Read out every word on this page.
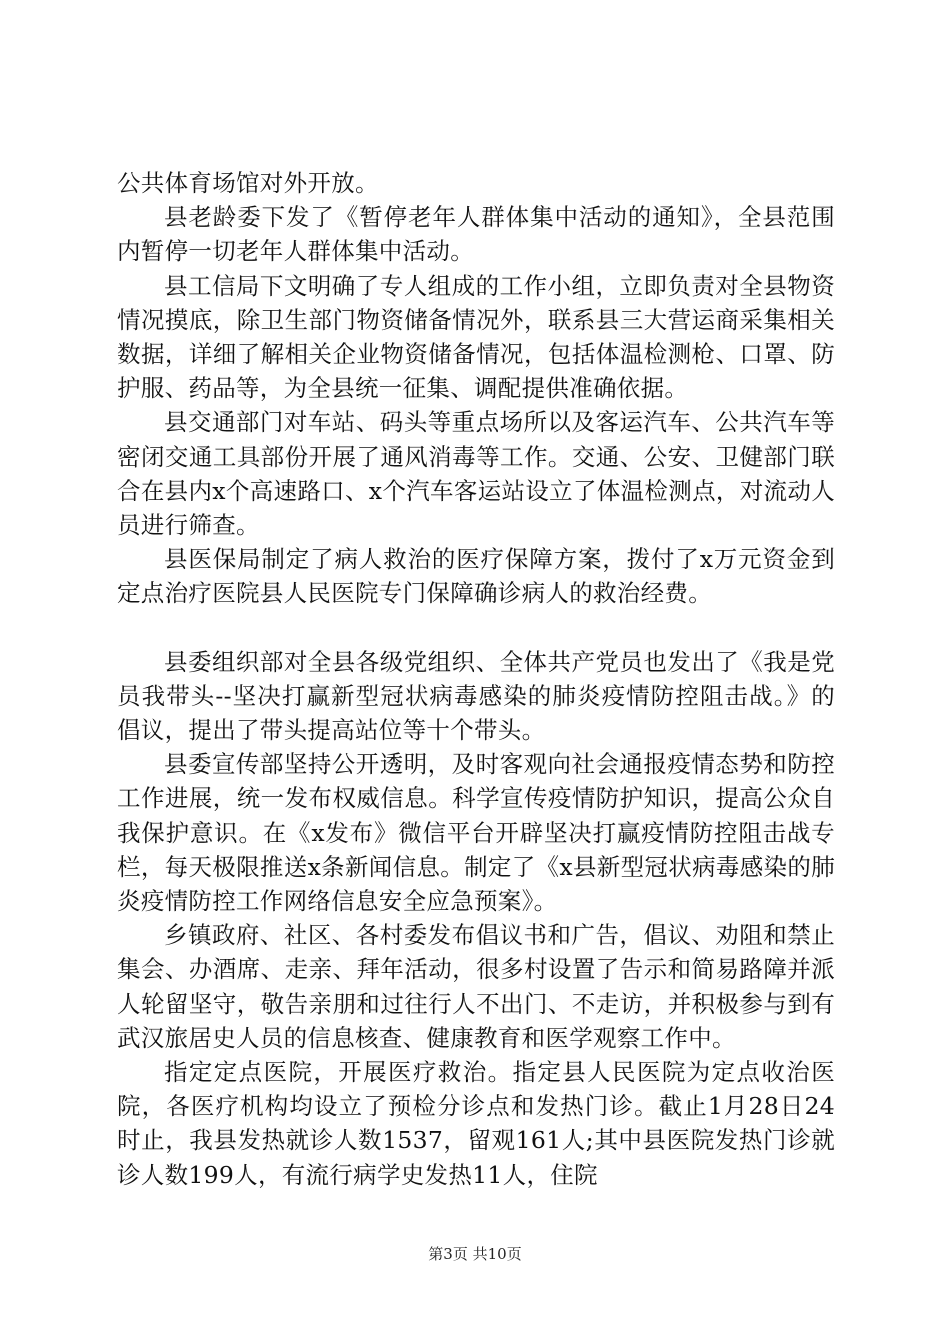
公共体育场馆对外开放。

县老龄委下发了《暂停老年人群体集中活动的通知》，全县范围内暂停一切老年人群体集中活动。

县工信局下文明确了专人组成的工作小组，立即负责对全县物资情况摸底，除卫生部门物资储备情况外，联系县三大营运商采集相关数据，详细了解相关企业物资储备情况，包括体温检测枪、口罩、防护服、药品等，为全县统一征集、调配提供准确依据。

县交通部门对车站、码头等重点场所以及客运汽车、公共汽车等密闭交通工具部份开展了通风消毒等工作。交通、公安、卫健部门联合在县内x个高速路口、x个汽车客运站设立了体温检测点，对流动人员进行筛查。

县医保局制定了病人救治的医疗保障方案，拨付了x万元资金到定点治疗医院县人民医院专门保障确诊病人的救治经费。

县委组织部对全县各级党组织、全体共产党员也发出了《我是党员我带头--坚决打赢新型冠状病毒感染的肺炎疫情防控阻击战。》的倡议，提出了带头提高站位等十个带头。

县委宣传部坚持公开透明，及时客观向社会通报疫情态势和防控工作进展，统一发布权威信息。科学宣传疫情防护知识，提高公众自我保护意识。在《x发布》微信平台开辟坚决打赢疫情防控阻击战专栏，每天极限推送x条新闻信息。制定了《x县新型冠状病毒感染的肺炎疫情防控工作网络信息安全应急预案》。

乡镇政府、社区、各村委发布倡议书和广告，倡议、劝阻和禁止集会、办酒席、走亲、拜年活动，很多村设置了告示和简易路障并派人轮留坚守，敬告亲朋和过往行人不出门、不走访，并积极参与到有武汉旅居史人员的信息核查、健康教育和医学观察工作中。

指定定点医院，开展医疗救治。指定县人民医院为定点收治医院，各医疗机构均设立了预检分诊点和发热门诊。截止1月28日24时止，我县发热就诊人数1537，留观161人;其中县医院发热门诊就诊人数199人，有流行病学史发热11人，住院

第3页 共10页
